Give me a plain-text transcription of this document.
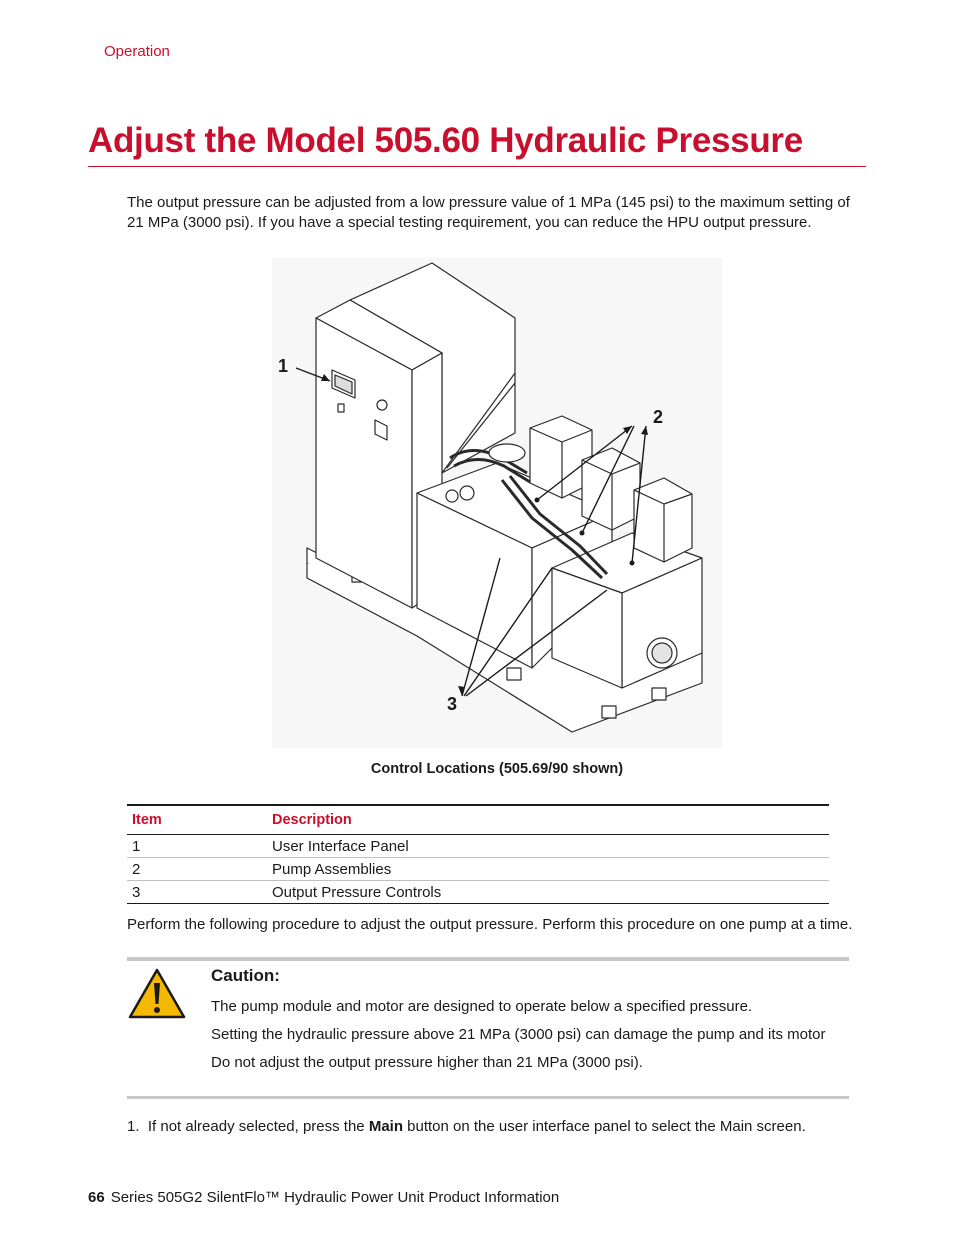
Operation
Adjust the Model 505.60 Hydraulic Pressure

The output pressure can be adjusted from a low pressure value of 1 MPa (145 psi) to the maximum setting of 21 MPa (3000 psi). If you have a special testing requirement, you can reduce the HPU output pressure.

1
2
3
Control Locations (505.69/90 shown)
Item	Description
1	User Interface Panel
2	Pump Assemblies
3	Output Pressure Controls
Perform the following procedure to adjust the output pressure. Perform this procedure on one pump at a time.
Caution:
The pump module and motor are designed to operate below a specified pressure.
Setting the hydraulic pressure above 21 MPa (3000 psi) can damage the pump and its motor
Do not adjust the output pressure higher than 21 MPa (3000 psi).
1. If not already selected, press the Main button on the user interface panel to select the Main screen.
66 Series 505G2 SilentFlo™ Hydraulic Power Unit Product Information
